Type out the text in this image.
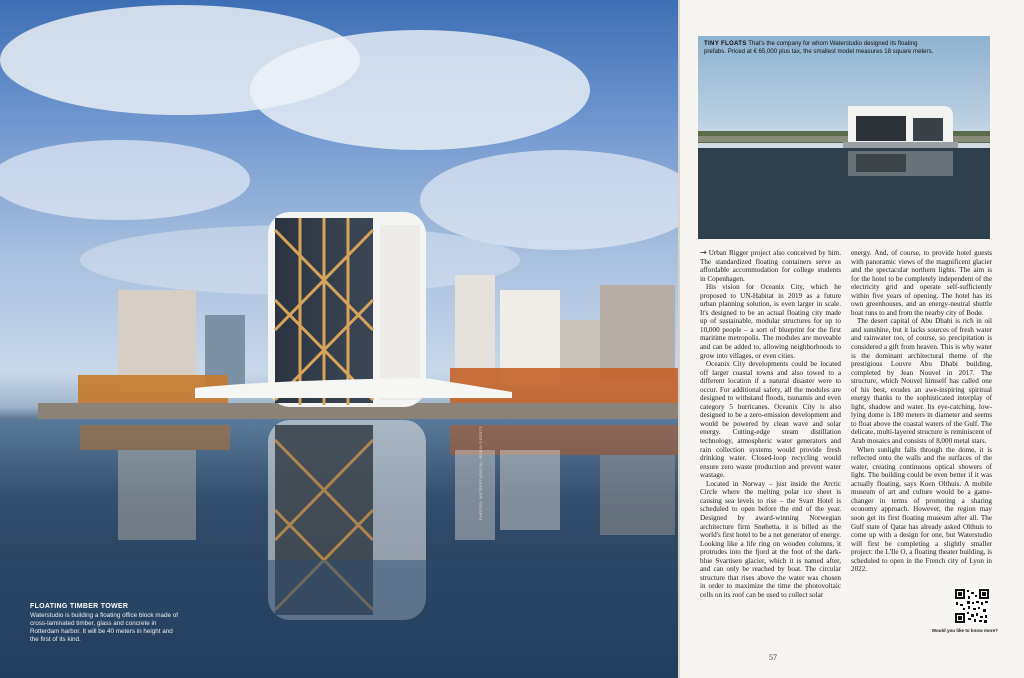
FLOATING TIMBER TOWER
Waterstudio is building a floating office block made of cross-laminated timber, glass and concrete in Rotterdam harbor. It will be 40 meters in height and the first of its kind.
PHOTOS: WATERSTUDIO.NL; ROBIN GEERTS
TINY FLOATS That's the company for whom Waterstudio designed its floating prefabs. Priced at € 65,000 plus tax, the smallest model measures 18 square meters.

→ Urban Rigger project also conceived by him. The standardized floating containers serve as affordable accommodation for college students in Copenhagen.

His vision for Oceanix City, which he proposed to UN-Habitat in 2019 as a future urban planning solution, is even larger in scale. It's designed to be an actual floating city made up of sustainable, modular structures for up to 10,000 people – a sort of blueprint for the first maritime metropolis. The modules are moveable and can be added to, allowing neighborhoods to grow into villages, or even cities.

Oceanix City developments could be located off larger coastal towns and also towed to a different location if a natural disaster were to occur. For additional safety, all the modules are designed to withstand floods, tsunamis and even category 5 hurricanes. Oceanix City is also designed to be a zero-emission development and would be powered by clean wave and solar energy. Cutting-edge steam distillation technology, atmospheric water generators and rain collection systems would provide fresh drinking water. Closed-loop recycling would ensure zero waste production and prevent water wastage.

Located in Norway – just inside the Arctic Circle where the melting polar ice sheet is causing sea levels to rise – the Svart Hotel is scheduled to open before the end of the year. Designed by award-winning Norwegian architecture firm Snøhetta, it is billed as the world's first hotel to be a net generator of energy. Looking like a life ring on wooden columns, it protrudes into the fjord at the foot of the dark-blue Svartisen glacier, which it is named after, and can only be reached by boat. The circular structure that rises above the water was chosen in order to maximize the time the photovoltaic cells on its roof can be used to collect solar

energy. And, of course, to provide hotel guests with panoramic views of the magnificent glacier and the spectacular northern lights. The aim is for the hotel to be completely independent of the electricity grid and operate self-sufficiently within five years of opening. The hotel has its own greenhouses, and an energy-neutral shuttle boat runs to and from the nearby city of Bodø.

The desert capital of Abu Dhabi is rich in oil and sunshine, but it lacks sources of fresh water and rainwater too, of course, so precipitation is considered a gift from heaven. This is why water is the dominant architectural theme of the prestigious Louvre Abu Dhabi building, completed by Jean Nouvel in 2017. The structure, which Nouvel himself has called one of his best, exudes an awe-inspiring spiritual energy thanks to the sophisticated interplay of light, shadow and water. Its eye-catching, low-lying dome is 180 meters in diameter and seems to float above the coastal waters of the Gulf. The delicate, multi-layered structure is reminiscent of Arab mosaics and consists of 8,000 metal stars.

When sunlight falls through the dome, it is reflected onto the walls and the surfaces of the water, creating continuous optical showers of light. The building could be even better if it was actually floating, says Koen Olthuis. A mobile museum of art and culture would be a game-changer in terms of promoting a sharing economy approach. However, the region may soon get its first floating museum after all. The Gulf state of Qatar has already asked Olthuis to come up with a design for one, but Waterstudio will first be completing a slightly smaller project: the L'Ile O, a floating theater building, is scheduled to open in the French city of Lyon in 2022.

Would you like to know more?
57
